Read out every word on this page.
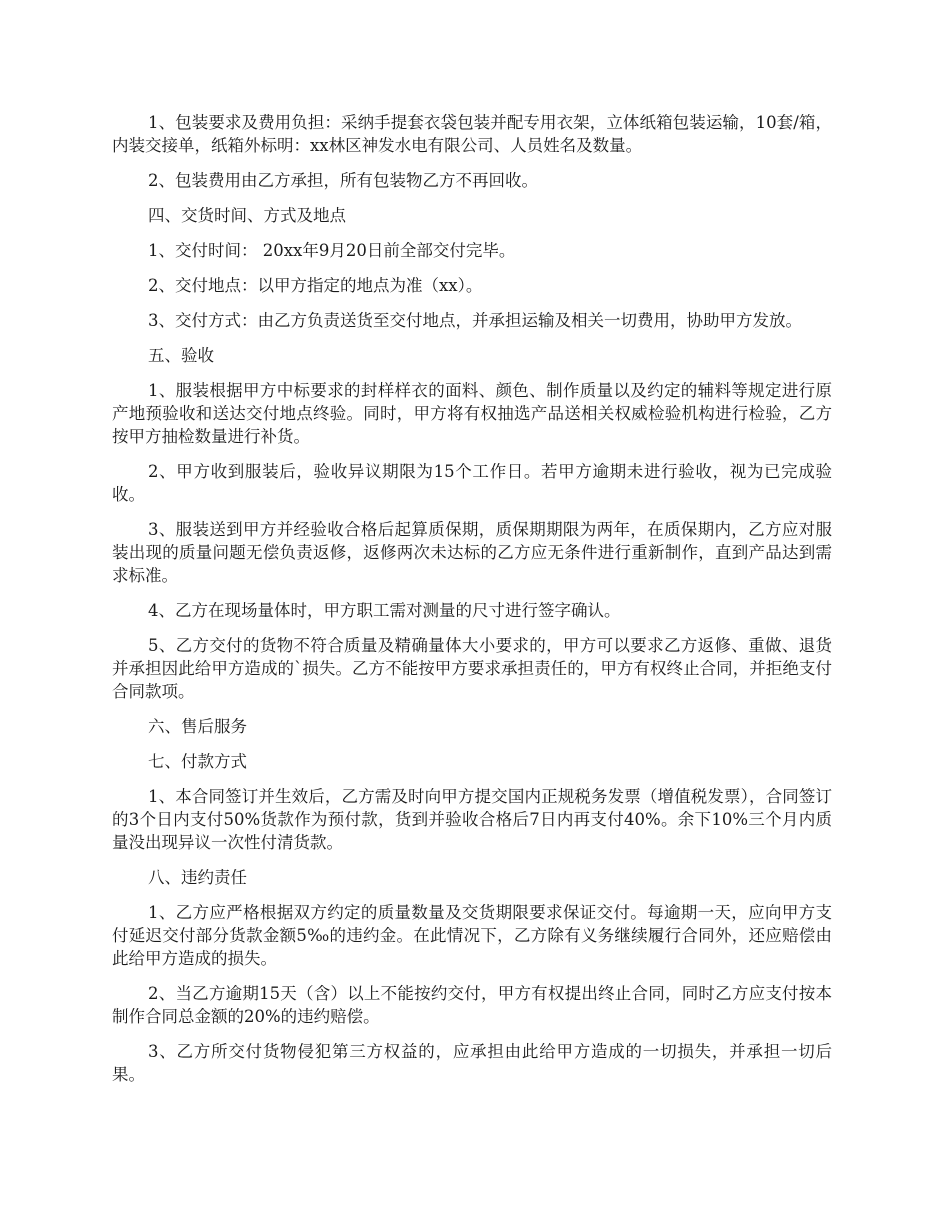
1、包装要求及费用负担：采纳手提套衣袋包装并配专用衣架，立体纸箱包装运输，10套/箱，内装交接单，纸箱外标明：xx林区神发水电有限公司、人员姓名及数量。

2、包装费用由乙方承担，所有包装物乙方不再回收。

四、交货时间、方式及地点

1、交付时间： 20xx年9月20日前全部交付完毕。

2、交付地点：以甲方指定的地点为准（xx）。

3、交付方式：由乙方负责送货至交付地点，并承担运输及相关一切费用，协助甲方发放。

五、验收

1、服装根据甲方中标要求的封样样衣的面料、颜色、制作质量以及约定的辅料等规定进行原产地预验收和送达交付地点终验。同时，甲方将有权抽选产品送相关权威检验机构进行检验，乙方按甲方抽检数量进行补货。

2、甲方收到服装后，验收异议期限为15个工作日。若甲方逾期未进行验收，视为已完成验收。

3、服装送到甲方并经验收合格后起算质保期，质保期期限为两年，在质保期内，乙方应对服装出现的质量问题无偿负责返修，返修两次未达标的乙方应无条件进行重新制作，直到产品达到需求标准。

4、乙方在现场量体时，甲方职工需对测量的尺寸进行签字确认。

5、乙方交付的货物不符合质量及精确量体大小要求的，甲方可以要求乙方返修、重做、退货并承担因此给甲方造成的`损失。乙方不能按甲方要求承担责任的，甲方有权终止合同，并拒绝支付合同款项。

六、售后服务

七、付款方式

1、本合同签订并生效后，乙方需及时向甲方提交国内正规税务发票（增值税发票），合同签订的3个日内支付50%货款作为预付款，货到并验收合格后7日内再支付40%。余下10%三个月内质量没出现异议一次性付清货款。

八、违约责任

1、乙方应严格根据双方约定的质量数量及交货期限要求保证交付。每逾期一天，应向甲方支付延迟交付部分货款金额5‰的违约金。在此情况下，乙方除有义务继续履行合同外，还应赔偿由此给甲方造成的损失。

2、当乙方逾期15天（含）以上不能按约交付，甲方有权提出终止合同，同时乙方应支付按本制作合同总金额的20%的违约赔偿。

3、乙方所交付货物侵犯第三方权益的，应承担由此给甲方造成的一切损失，并承担一切后果。
